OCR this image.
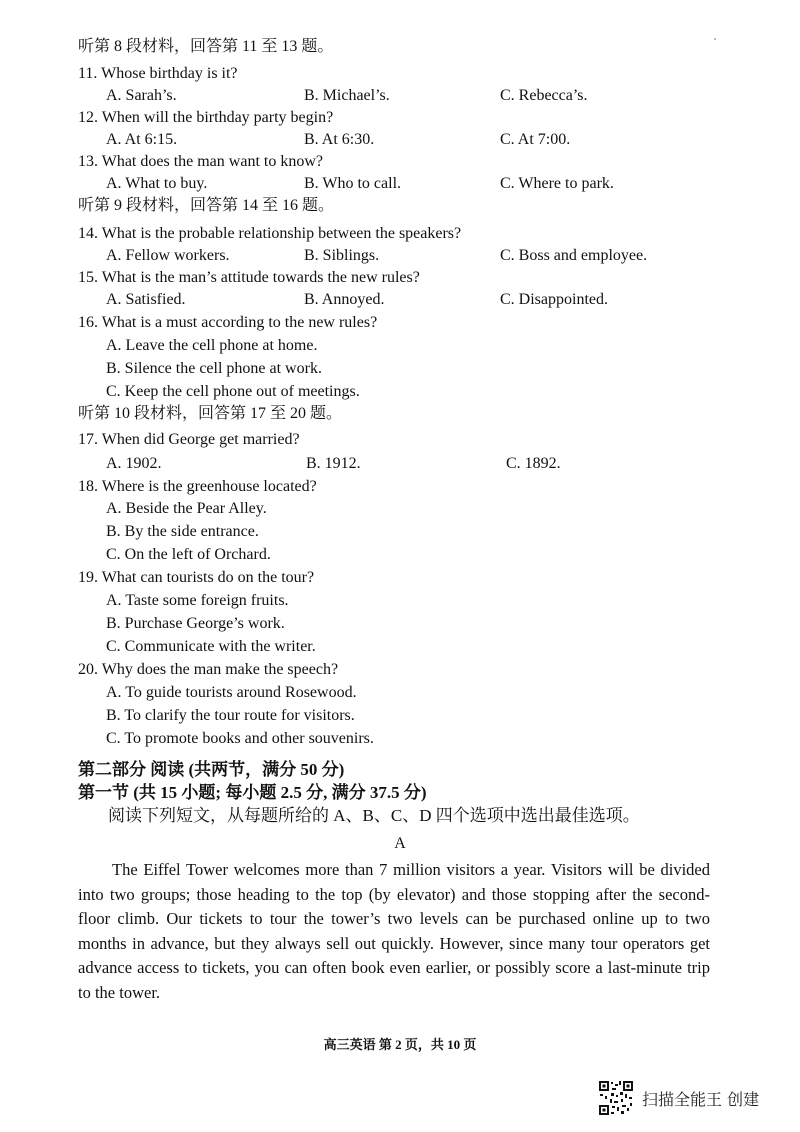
听第 8 段材料，回答第 11 至 13 题。
11. Whose birthday is it?
A. Sarah’s.	B. Michael’s.	C. Rebecca’s.
12. When will the birthday party begin?
A. At 6:15.	B. At 6:30.	C. At 7:00.
13. What does the man want to know?
A. What to buy.	B. Who to call.	C. Where to park.
听第 9 段材料，回答第 14 至 16 题。
14. What is the probable relationship between the speakers?
A. Fellow workers.	B. Siblings.	C. Boss and employee.
15. What is the man’s attitude towards the new rules?
A. Satisfied.	B. Annoyed.	C. Disappointed.
16. What is a must according to the new rules?
A. Leave the cell phone at home.
B. Silence the cell phone at work.
C. Keep the cell phone out of meetings.
听第 10 段材料，回答第 17 至 20 题。
17. When did George get married?
A. 1902.	B. 1912.	C. 1892.
18. Where is the greenhouse located?
A. Beside the Pear Alley.
B. By the side entrance.
C. On the left of Orchard.
19. What can tourists do on the tour?
A. Taste some foreign fruits.
B. Purchase George’s work.
C. Communicate with the writer.
20. Why does the man make the speech?
A. To guide tourists around Rosewood.
B. To clarify the tour route for visitors.
C. To promote books and other souvenirs.
第二部分 阅读 (共两节，满分 50 分)
第一节 (共 15 小题; 每小题 2.5 分, 满分 37.5 分)
阅读下列短文，从每题所给的 A、B、C、D 四个选项中选出最佳选项。
A
The Eiffel Tower welcomes more than 7 million visitors a year. Visitors will be divided into two groups; those heading to the top (by elevator) and those stopping after the second- floor climb. Our tickets to tour the tower’s two levels can be purchased online up to two months in advance, but they always sell out quickly. However, since many tour operators get advance access to tickets, you can often book even earlier, or possibly score a last-minute trip to the tower.
高三英语 第 2 页，共 10 页
扫描全能王 创建
